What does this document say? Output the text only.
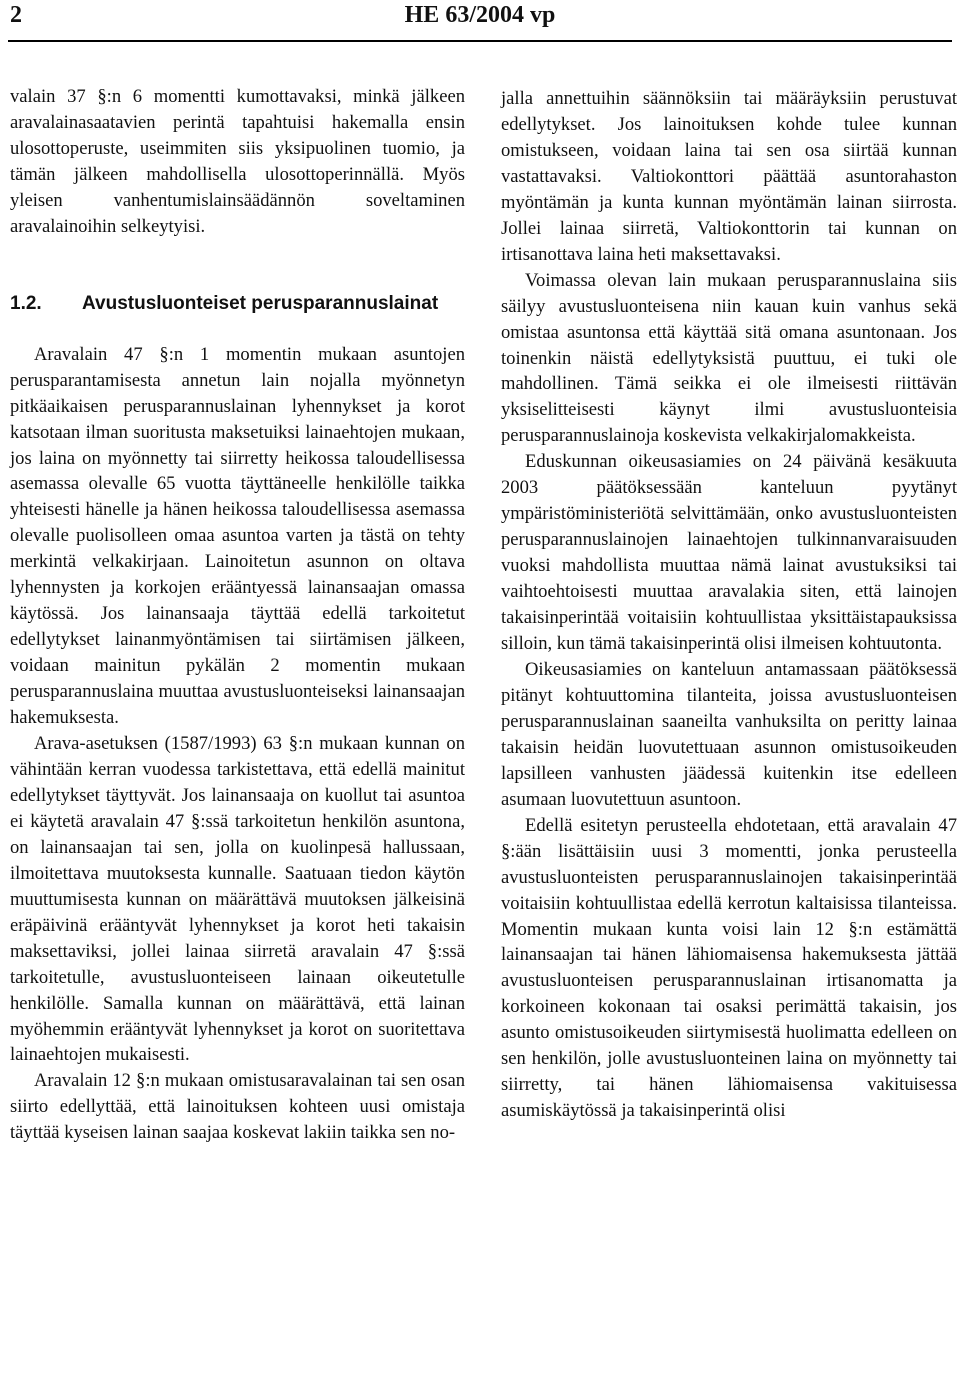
2	HE 63/2004 vp

valain 37 §:n 6 momentti kumottavaksi, minkä jälkeen aravalainasaatavien perintä tapahtuisi hakemalla ensin ulosottoperuste, useimmiten siis yksipuolinen tuomio, ja tämän jälkeen mahdollisella ulosottoperinnällä. Myös yleisen vanhentumislainsäädännön soveltaminen aravalainoihin selkeytyisi.

1.2.	Avustusluonteiset perusparannuslainat

Aravalain 47 §:n 1 momentin mukaan asuntojen perusparantamisesta annetun lain nojalla myönnetyn pitkäaikaisen perusparannuslainan lyhennykset ja korot katsotaan ilman suoritusta maksetuiksi lainaehtojen mukaan, jos laina on myönnetty tai siirretty heikossa taloudellisessa asemassa olevalle 65 vuotta täyttäneelle henkilölle taikka yhteisesti hänelle ja hänen heikossa taloudellisessa asemassa olevalle puolisolleen omaa asuntoa varten ja tästä on tehty merkintä velkakirjaan. Lainoitetun asunnon on oltava lyhennysten ja korkojen erääntyessä lainansaajan omassa käytössä. Jos lainansaaja täyttää edellä tarkoitetut edellytykset lainanmyöntämisen tai siirtämisen jälkeen, voidaan mainitun pykälän 2 momentin mukaan perusparannuslaina muuttaa avustusluonteiseksi lainansaajan hakemuksesta.

Arava-asetuksen (1587/1993) 63 §:n mukaan kunnan on vähintään kerran vuodessa tarkistettava, että edellä mainitut edellytykset täyttyvät. Jos lainansaaja on kuollut tai asuntoa ei käytetä aravalain 47 §:ssä tarkoitetun henkilön asuntona, on lainansaajan tai sen, jolla on kuolinpesä hallussaan, ilmoitettava muutoksesta kunnalle. Saatuaan tiedon käytön muuttumisesta kunnan on määrättävä muutoksen jälkeisinä eräpäivinä erääntyvät lyhennykset ja korot heti takaisin maksettaviksi, jollei lainaa siirretä aravalain 47 §:ssä tarkoitetulle, avustusluonteiseen lainaan oikeutetulle henkilölle. Samalla kunnan on määrättävä, että lainan myöhemmin erääntyvät lyhennykset ja korot on suoritettava lainaehtojen mukaisesti.

Aravalain 12 §:n mukaan omistusaravalainan tai sen osan siirto edellyttää, että lainoituksen kohteen uusi omistaja täyttää kyseisen lainan saajaa koskevat lakiin taikka sen no-

jalla annettuihin säännöksiin tai määräyksiin perustuvat edellytykset. Jos lainoituksen kohde tulee kunnan omistukseen, voidaan laina tai sen osa siirtää kunnan vastattavaksi. Valtiokonttori päättää asuntorahaston myöntämän ja kunta kunnan myöntämän lainan siirrosta. Jollei lainaa siirretä, Valtiokonttorin tai kunnan on irtisanottava laina heti maksettavaksi.

Voimassa olevan lain mukaan perusparannuslaina siis säilyy avustusluonteisena niin kauan kuin vanhus sekä omistaa asuntonsa että käyttää sitä omana asuntonaan. Jos toinenkin näistä edellytyksistä puuttuu, ei tuki ole mahdollinen. Tämä seikka ei ole ilmeisesti riittävän yksiselitteisesti käynyt ilmi avustusluonteisia perusparannuslainoja koskevista velkakirjalomakkeista.

Eduskunnan oikeusasiamies on 24 päivänä kesäkuuta 2003 päätöksessään kanteluun pyytänyt ympäristöministeriötä selvittämään, onko avustusluonteisten perusparannuslainojen lainaehtojen tulkinnanvaraisuuden vuoksi mahdollista muuttaa nämä lainat avustuksiksi tai vaihtoehtoisesti muuttaa aravalakia siten, että lainojen takaisinperintää voitaisiin kohtuullistaa yksittäistapauksissa silloin, kun tämä takaisinperintä olisi ilmeisen kohtuutonta.

Oikeusasiamies on kanteluun antamassaan päätöksessä pitänyt kohtuuttomina tilanteita, joissa avustusluonteisen perusparannuslainan saaneilta vanhuksilta on peritty lainaa takaisin heidän luovutettuaan asunnon omistusoikeuden lapsilleen vanhusten jäädessä kuitenkin itse edelleen asumaan luovutettuun asuntoon.

Edellä esitetyn perusteella ehdotetaan, että aravalain 47 §:ään lisättäisiin uusi 3 momentti, jonka perusteella avustusluonteisten perusparannuslainojen takaisinperintää voitaisiin kohtuullistaa edellä kerrotun kaltaisissa tilanteissa. Momentin mukaan kunta voisi lain 12 §:n estämättä lainansaajan tai hänen lähiomaisensa hakemuksesta jättää avustusluonteisen perusparannuslainan irtisanomatta ja korkoineen kokonaan tai osaksi perimättä takaisin, jos asunto omistusoikeuden siirtymisestä huolimatta edelleen on sen henkilön, jolle avustusluonteinen laina on myönnetty tai siirretty, tai hänen lähiomaisensa vakituisessa asumiskäytössä ja takaisinperintä olisi
